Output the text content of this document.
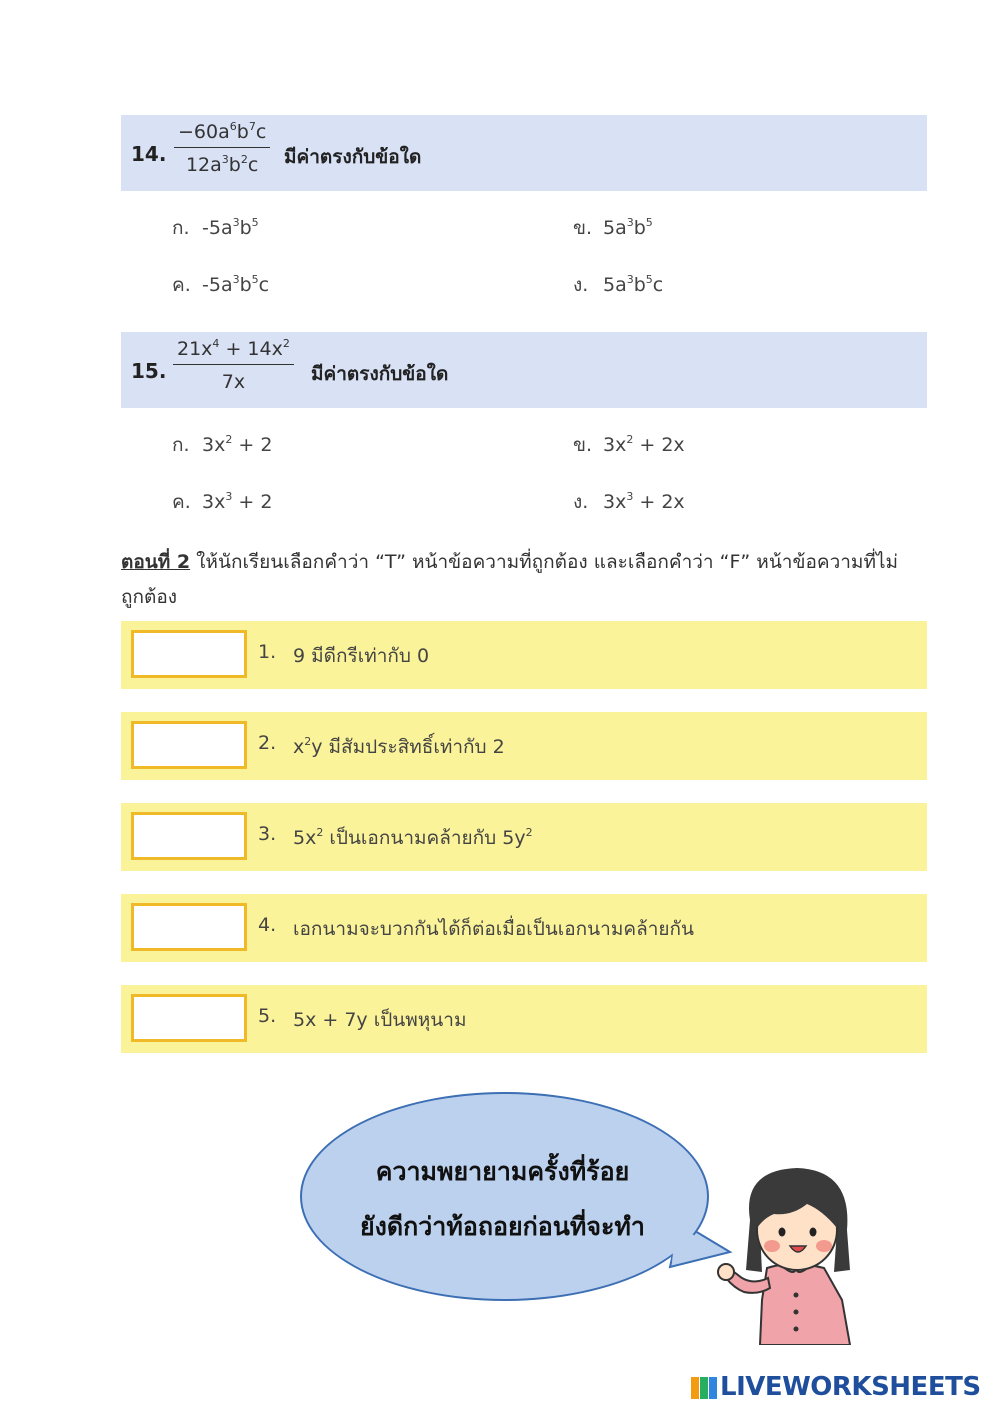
14. $\frac{-60a^6b^7c}{12a^3b^2c}$ มีค่าตรงกับข้อใด
ก. $-5a^3b^5$	ข. $5a^3b^5$
ค. $-5a^3b^5c$	ง. $5a^3b^5c$
15. $\frac{21x^4 + 14x^2}{7x}$ มีค่าตรงกับข้อใด
ก. $3x^2 + 2$	ข. $3x^2 + 2x$
ค. $3x^3 + 2$	ง. $3x^3 + 2x$
ตอนที่ 2 ให้นักเรียนเลือกคำว่า “T” หน้าข้อความที่ถูกต้อง และเลือกคำว่า “F” หน้าข้อความที่ไม่ถูกต้อง
1. 9 มีดีกรีเท่ากับ 0
2. $x^2y$ มีสัมประสิทธิ์เท่ากับ 2
3. $5x^2$ เป็นเอกนามคล้ายกับ $5y^2$
4. เอกนามจะบวกกันได้ก็ต่อเมื่อเป็นเอกนามคล้ายกัน
5. 5x + 7y เป็นพหุนาม
ความพยายามครั้งที่ร้อย
ยังดีกว่าท้อถอยก่อนที่จะทำ
LIVEWORKSHEETS
